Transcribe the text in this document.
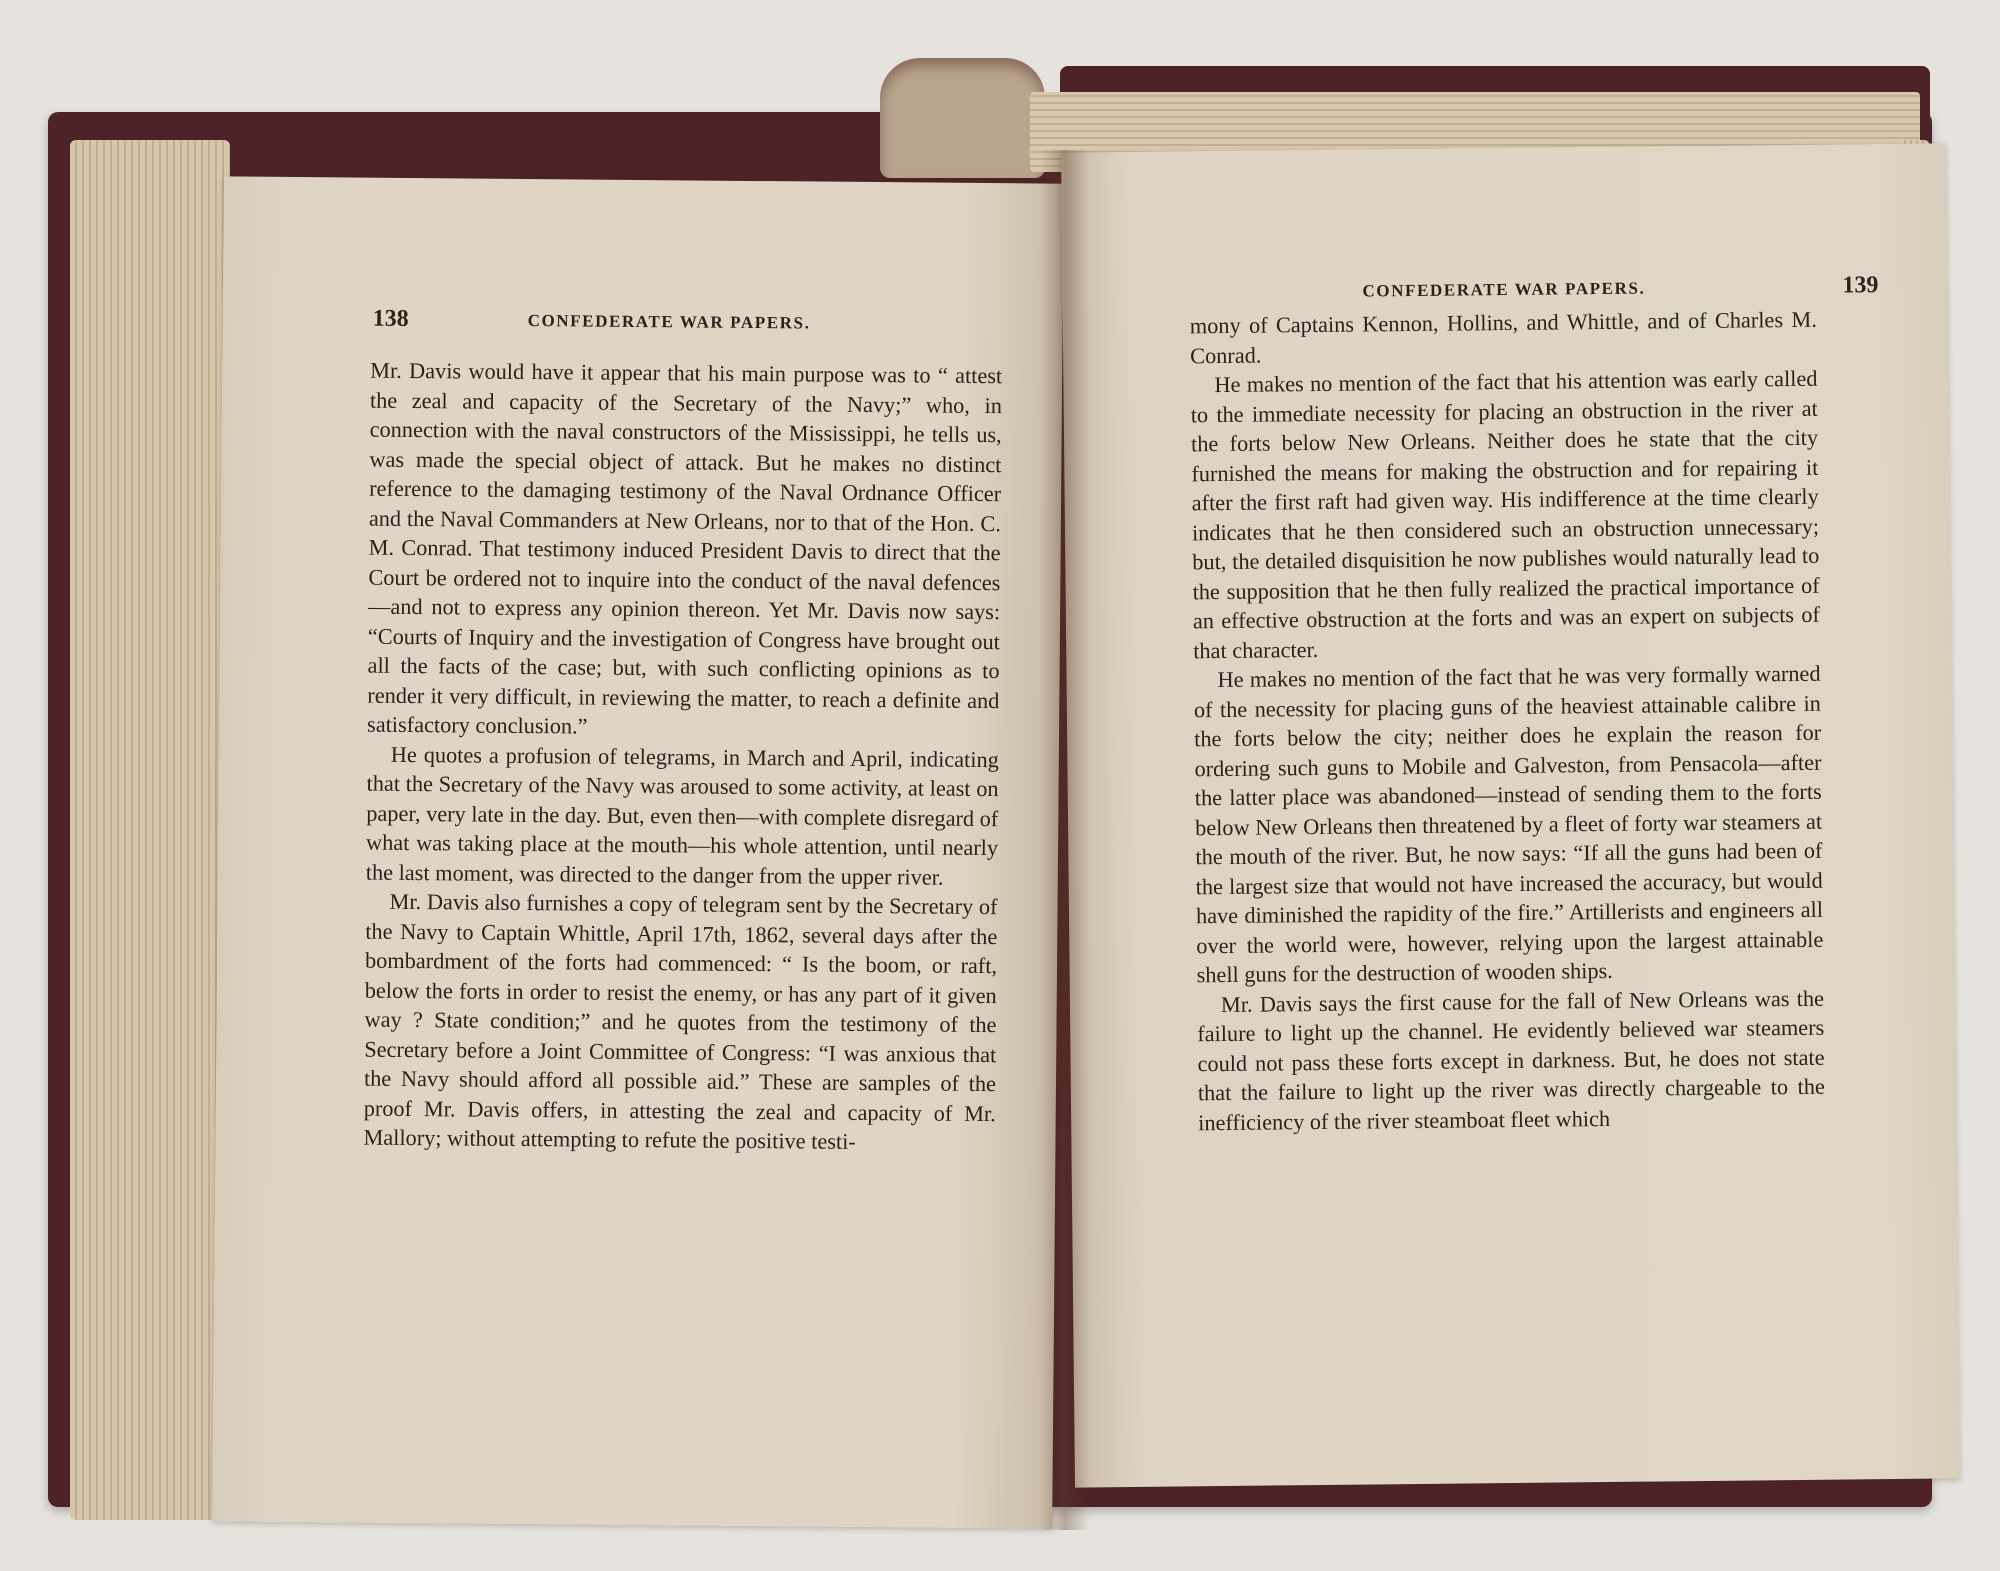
138	CONFEDERATE WAR PAPERS.

Mr. Davis would have it appear that his main purpose was to “ attest the zeal and capacity of the Secretary of the Navy;” who, in connection with the naval constructors of the Mississippi, he tells us, was made the special object of attack. But he makes no distinct reference to the damaging testimony of the Naval Ordnance Officer and the Naval Commanders at New Orleans, nor to that of the Hon. C. M. Conrad. That testimony induced President Davis to direct that the Court be ordered not to inquire into the conduct of the naval defences—and not to express any opinion thereon. Yet Mr. Davis now says: “Courts of Inquiry and the investigation of Congress have brought out all the facts of the case; but, with such conflicting opinions as to render it very difficult, in reviewing the matter, to reach a definite and satisfactory conclusion.”

He quotes a profusion of telegrams, in March and April, indicating that the Secretary of the Navy was aroused to some activity, at least on paper, very late in the day. But, even then—with complete disregard of what was taking place at the mouth—his whole attention, until nearly the last moment, was directed to the danger from the upper river.

Mr. Davis also furnishes a copy of telegram sent by the Secretary of the Navy to Captain Whittle, April 17th, 1862, several days after the bombardment of the forts had commenced: “ Is the boom, or raft, below the forts in order to resist the enemy, or has any part of it given way ? State condition;” and he quotes from the testimony of the Secretary before a Joint Committee of Congress: “I was anxious that the Navy should afford all possible aid.” These are samples of the proof Mr. Davis offers, in attesting the zeal and capacity of Mr. Mallory; without attempting to refute the positive testi-

CONFEDERATE WAR PAPERS.	139

mony of Captains Kennon, Hollins, and Whittle, and of Charles M. Conrad.

He makes no mention of the fact that his attention was early called to the immediate necessity for placing an obstruction in the river at the forts below New Orleans. Neither does he state that the city furnished the means for making the obstruction and for repairing it after the first raft had given way. His indifference at the time clearly indicates that he then considered such an obstruction unnecessary; but, the detailed disquisition he now publishes would naturally lead to the supposition that he then fully realized the practical importance of an effective obstruction at the forts and was an expert on subjects of that character.

He makes no mention of the fact that he was very formally warned of the necessity for placing guns of the heaviest attainable calibre in the forts below the city; neither does he explain the reason for ordering such guns to Mobile and Galveston, from Pensacola—after the latter place was abandoned—instead of sending them to the forts below New Orleans then threatened by a fleet of forty war steamers at the mouth of the river. But, he now says: “If all the guns had been of the largest size that would not have increased the accuracy, but would have diminished the rapidity of the fire.” Artillerists and engineers all over the world were, however, relying upon the largest attainable shell guns for the destruction of wooden ships.

Mr. Davis says the first cause for the fall of New Orleans was the failure to light up the channel. He evidently believed war steamers could not pass these forts except in darkness. But, he does not state that the failure to light up the river was directly chargeable to the inefficiency of the river steamboat fleet which
